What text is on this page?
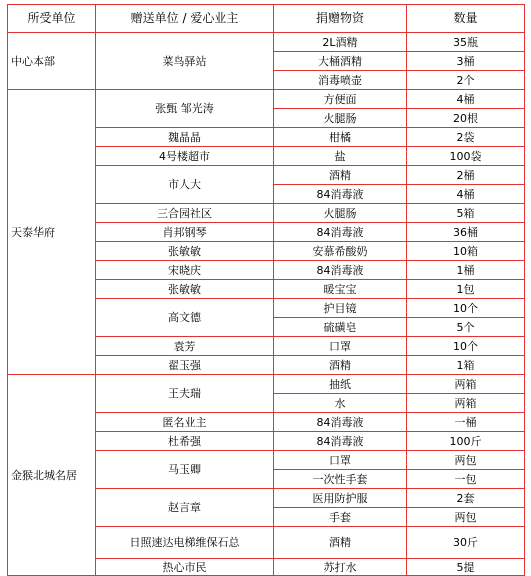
所受单位	赠送单位 / 爱心业主	捐赠物资	数量
中心本部	菜鸟驿站	2L酒精	35瓶
		大桶酒精	3桶
		消毒喷壶	2个
天泰华府	张甄 邹光涛	方便面	4桶
		火腿肠	20根
	魏晶晶	柑橘	2袋
	4号楼超市	盐	100袋
	市人大	酒精	2桶
		84消毒液	4桶
	三合园社区	火腿肠	5箱
	肖邦钢琴	84消毒液	36桶
	张敏敏	安慕希酸奶	10箱
	宋晓庆	84消毒液	1桶
	张敏敏	暖宝宝	1包
	高文德	护目镜	10个
		硫磺皂	5个
	袁芳	口罩	10个
	翟玉强	酒精	1箱
金猴北城名居	王夫瑞	抽纸	两箱
		水	两箱
	匿名业主	84消毒液	一桶
	杜希强	84消毒液	100斤
	马玉卿	口罩	两包
		一次性手套	一包
	赵言章	医用防护服	2套
		手套	两包
	日照速达电梯维保石总	酒精	30斤
	热心市民	苏打水	5提
